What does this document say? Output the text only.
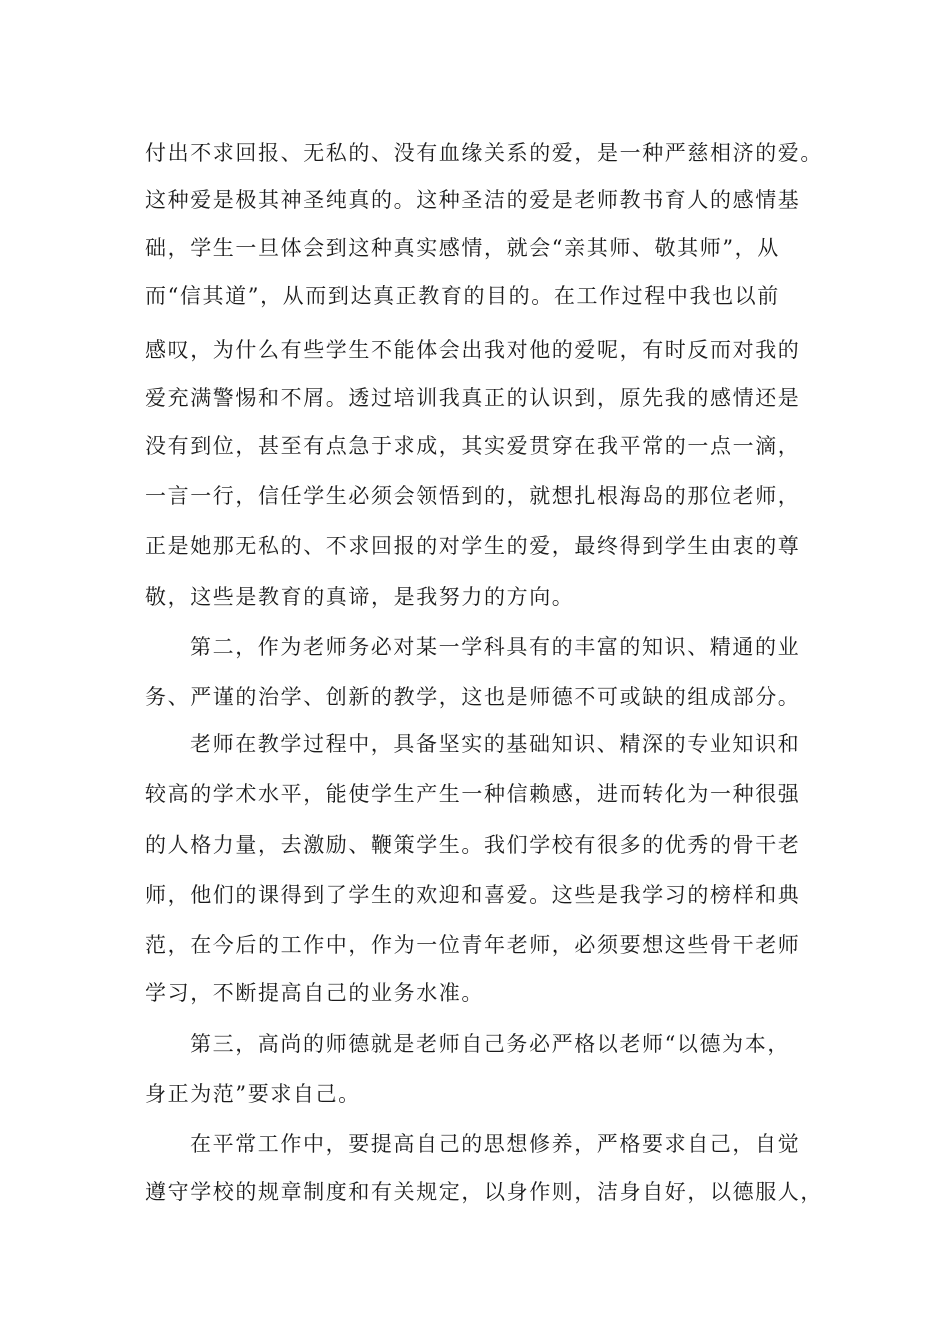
付出不求回报、无私的、没有血缘关系的爱，是一种严慈相济的爱。
这种爱是极其神圣纯真的。这种圣洁的爱是老师教书育人的感情基
础，学生一旦体会到这种真实感情，就会“亲其师、敬其师”，从
而“信其道”，从而到达真正教育的目的。在工作过程中我也以前
感叹，为什么有些学生不能体会出我对他的爱呢，有时反而对我的
爱充满警惕和不屑。透过培训我真正的认识到，原先我的感情还是
没有到位，甚至有点急于求成，其实爱贯穿在我平常的一点一滴，
一言一行，信任学生必须会领悟到的，就想扎根海岛的那位老师，
正是她那无私的、不求回报的对学生的爱，最终得到学生由衷的尊
敬，这些是教育的真谛，是我努力的方向。
第二，作为老师务必对某一学科具有的丰富的知识、精通的业
务、严谨的治学、创新的教学，这也是师德不可或缺的组成部分。
老师在教学过程中，具备坚实的基础知识、精深的专业知识和
较高的学术水平，能使学生产生一种信赖感，进而转化为一种很强
的人格力量，去激励、鞭策学生。我们学校有很多的优秀的骨干老
师，他们的课得到了学生的欢迎和喜爱。这些是我学习的榜样和典
范，在今后的工作中，作为一位青年老师，必须要想这些骨干老师
学习，不断提高自己的业务水准。
第三，高尚的师德就是老师自己务必严格以老师“以德为本，
身正为范”要求自己。
在平常工作中，要提高自己的思想修养，严格要求自己，自觉
遵守学校的规章制度和有关规定，以身作则，洁身自好，以德服人，
